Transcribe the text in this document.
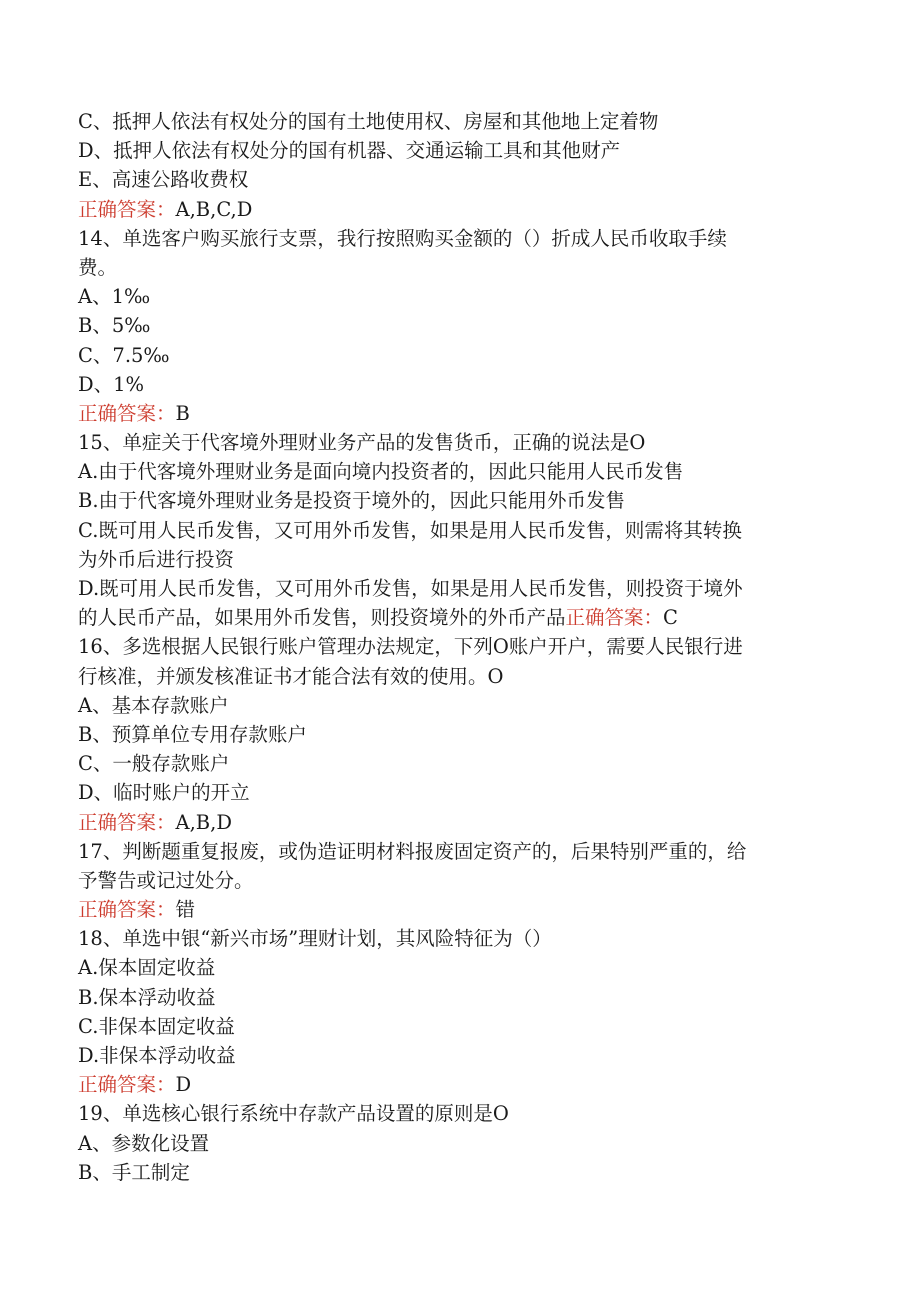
C、抵押人依法有权处分的国有土地使用权、房屋和其他地上定着物
D、抵押人依法有权处分的国有机器、交通运输工具和其他财产
E、高速公路收费权
正确答案：A,B,C,D
14、单选客户购买旅行支票，我行按照购买金额的（）折成人民币收取手续
费。
A、1‰
B、5‰
C、7.5‰
D、1%
正确答案：B
15、单症关于代客境外理财业务产品的发售货币，正确的说法是O
A.由于代客境外理财业务是面向境内投资者的，因此只能用人民币发售
B.由于代客境外理财业务是投资于境外的，因此只能用外币发售
C.既可用人民币发售，又可用外币发售，如果是用人民币发售，则需将其转换
为外币后进行投资
D.既可用人民币发售，又可用外币发售，如果是用人民币发售，则投资于境外
的人民币产品，如果用外币发售，则投资境外的外币产品正确答案：C
16、多选根据人民银行账户管理办法规定，下列O账户开户，需要人民银行进
行核准，并颁发核准证书才能合法有效的使用。O
A、基本存款账户
B、预算单位专用存款账户
C、一般存款账户
D、临时账户的开立
正确答案：A,B,D
17、判断题重复报废，或伪造证明材料报废固定资产的，后果特别严重的，给
予警告或记过处分。
正确答案：错
18、单选中银“新兴市场”理财计划，其风险特征为（）
A.保本固定收益
B.保本浮动收益
C.非保本固定收益
D.非保本浮动收益
正确答案：D
19、单选核心银行系统中存款产品设置的原则是O
A、参数化设置
B、手工制定
